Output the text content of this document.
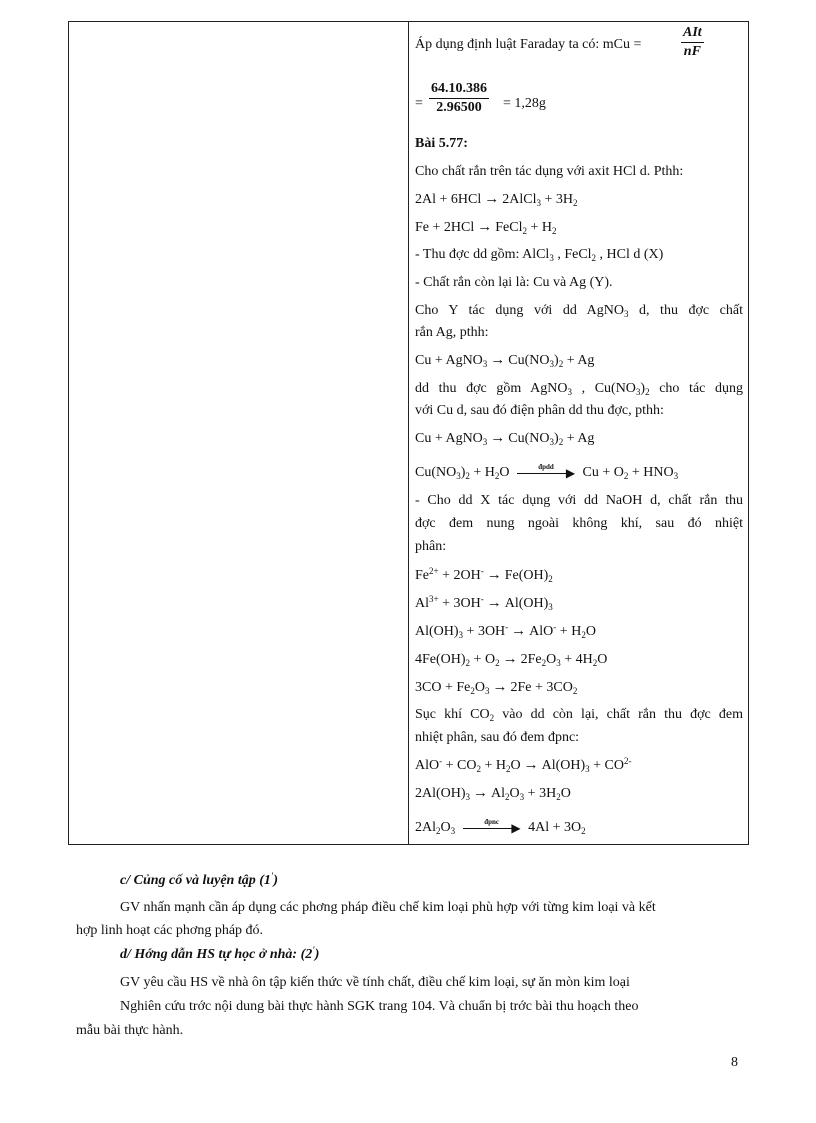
Áp dụng định luật Faraday ta có: mCu =
AIt
nF
= $\frac{64.10.386}{2.96500} = 1,28g$
Bài 5.77:
Cho chất rắn trên tác dụng với axit HCl d. Pthh:
2Al + 6HCl → 2AlCl$_3$ + $3H_2$
Fe + 2HCl → FeCl$_2$ + $H_2$
- Thu đợc dd gồm: AlCl$_3$ , FeCl$_2$ , HCl d (X)
- Chất rắn còn lại là: Cu và Ag (Y).
Cho Y tác dụng với dd AgNO$_3$ d, thu đợc chất
rắn Ag, pthh:
Cu + AgNO$_3$ → $Cu(NO_3)_2 + Ag$
dd thu đợc gồm AgNO$_3$ , $Cu(NO_3)_2$ cho tác dụng
với Cu d, sau đó điện phân dd thu đợc, pthh:
Cu + AgNO$_3$ → $Cu(NO_3)_2 + Ag$
$Cu(NO_3)_2 + H_2O$	đpdd ▶ $Cu + O_2 + HNO_3$
- Cho dd X tác dụng với dd NaOH d, chất rắn thu
đợc đem nung ngoài không khí, sau đó nhiệt
phân:
$Fe^{2+} + 2OH^- \to Fe(OH)_2$
$Al^{3+} + 3OH^- \to Al(OH)_3$
$Al(OH)_3 + 3OH^- \to AlO^- + H_2O$
$4Fe(OH)_2 + O_2 \to 2Fe_2O_3 + 4H_2O$
$3CO + Fe_2O_3 \to 2Fe + 3CO_2$
Sục khí $CO_2$ vào dd còn lại, chất rắn thu đợc đem
nhiệt phân, sau đó đem đpnc:
$AlO^- + CO_2 + H_2O \to Al(OH)_3 + CO^{2-}$
$2Al(OH)_3 \to Al_2O_3 + 3H_2O$
$2Al_2O_3$
đpnc	▶ $4Al + 3O_2$
c/ Củng cố và luyện tập (1')
GV nhấn mạnh cần áp dụng các phơng pháp điều chế kim loại phù hợp với từng kim loại và kết
hợp linh hoạt các phơng pháp đó.
d/ Hớng dẫn HS tự học ở nhà: (2')
GV yêu cầu HS về nhà ôn tập kiến thức về tính chất, điều chế kim loại, sự ăn mòn kim loại
Nghiên cứu trớc nội dung bài thực hành SGK trang 104. Và chuẩn bị trớc bài thu hoạch theo
mẫu bài thực hành.
8
